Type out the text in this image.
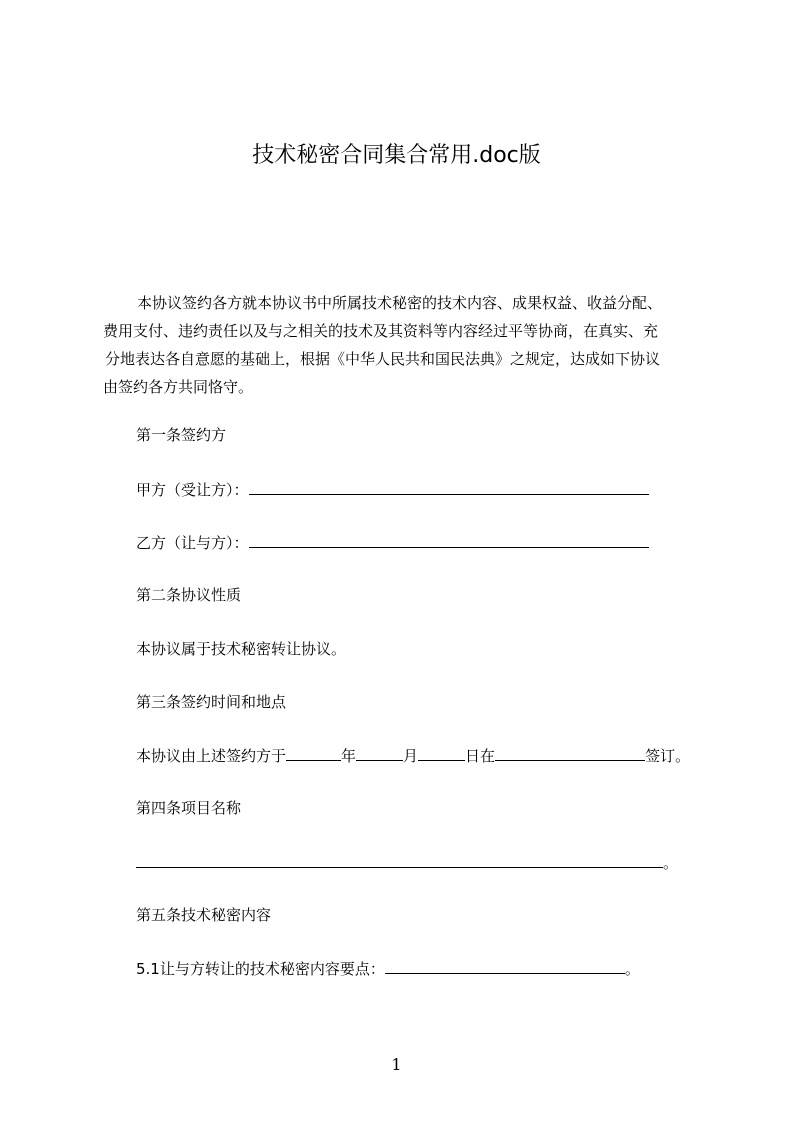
技术秘密合同集合常用.doc版

本协议签约各方就本协议书中所属技术秘密的技术内容、成果权益、收益分配、
费用支付、违约责任以及与之相关的技术及其资料等内容经过平等协商，在真实、充
分地表达各自意愿的基础上，根据《中华人民共和国民法典》之规定，达成如下协议
由签约各方共同恪守。

第一条签约方

甲方（受让方）：

乙方（让与方）：

第二条协议性质

本协议属于技术秘密转让协议。

第三条签约时间和地点

本协议由上述签约方于	年	月	日在	签订。

第四条项目名称

。

第五条技术秘密内容

5.1让与方转让的技术秘密内容要点：	。

1
